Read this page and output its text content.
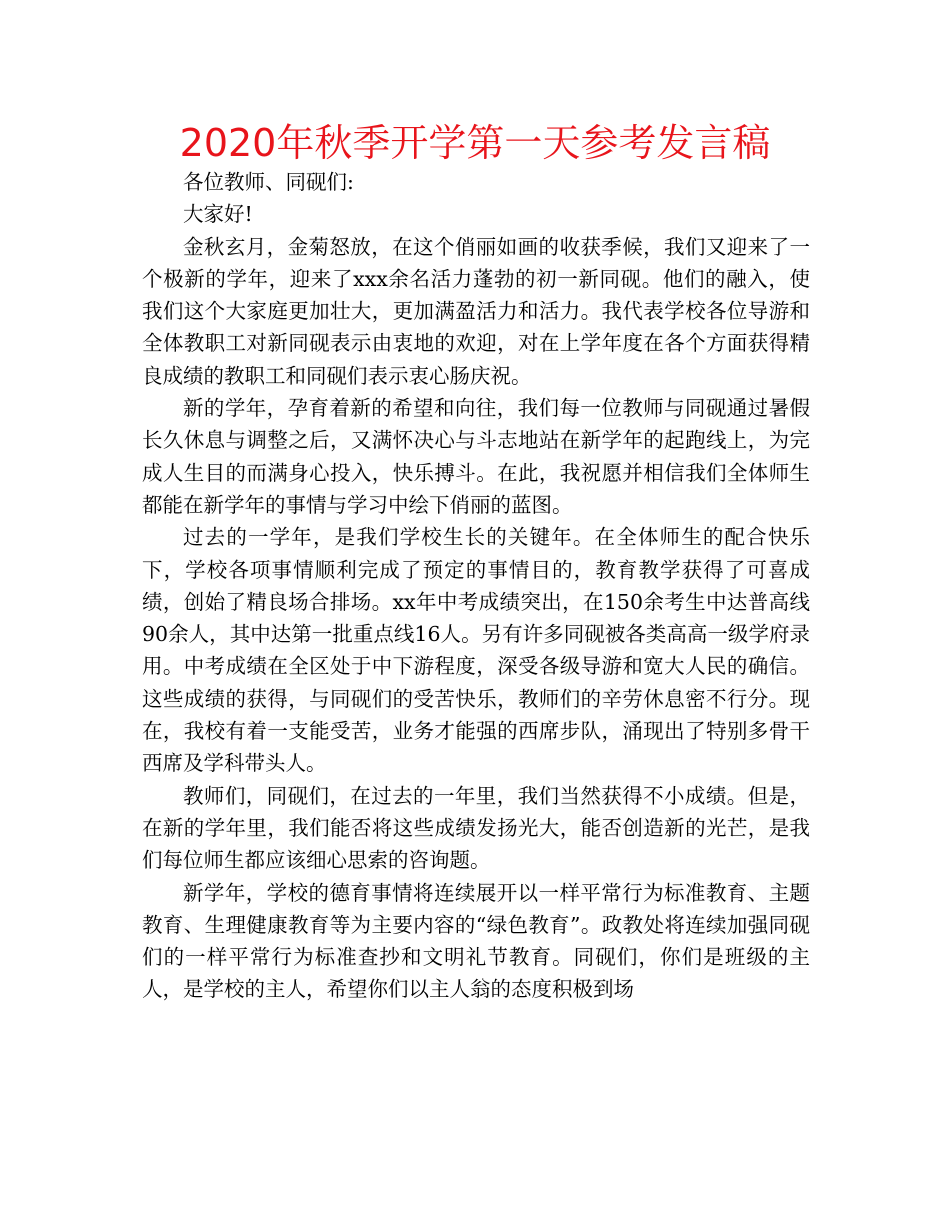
2020年秋季开学第一天参考发言稿

各位教师、同砚们:

大家好!

金秋玄月，金菊怒放，在这个俏丽如画的收获季候，我们又迎来了一个极新的学年，迎来了xxx余名活力蓬勃的初一新同砚。他们的融入，使我们这个大家庭更加壮大，更加满盈活力和活力。我代表学校各位导游和全体教职工对新同砚表示由衷地的欢迎，对在上学年度在各个方面获得精良成绩的教职工和同砚们表示衷心肠庆祝。

新的学年，孕育着新的希望和向往，我们每一位教师与同砚通过暑假长久休息与调整之后，又满怀决心与斗志地站在新学年的起跑线上，为完成人生目的而满身心投入，快乐搏斗。在此，我祝愿并相信我们全体师生都能在新学年的事情与学习中绘下俏丽的蓝图。

过去的一学年，是我们学校生长的关键年。在全体师生的配合快乐下，学校各项事情顺利完成了预定的事情目的，教育教学获得了可喜成绩，创始了精良场合排场。xx年中考成绩突出，在150余考生中达普高线90余人，其中达第一批重点线16人。另有许多同砚被各类高高一级学府录用。中考成绩在全区处于中下游程度，深受各级导游和宽大人民的确信。这些成绩的获得，与同砚们的受苦快乐，教师们的辛劳休息密不行分。现在，我校有着一支能受苦，业务才能强的西席步队，涌现出了特别多骨干西席及学科带头人。

教师们，同砚们，在过去的一年里，我们当然获得不小成绩。但是，在新的学年里，我们能否将这些成绩发扬光大，能否创造新的光芒，是我们每位师生都应该细心思索的咨询题。

新学年，学校的德育事情将连续展开以一样平常行为标准教育、主题教育、生理健康教育等为主要内容的“绿色教育”。政教处将连续加强同砚们的一样平常行为标准查抄和文明礼节教育。同砚们，你们是班级的主人，是学校的主人，希望你们以主人翁的态度积极到场
